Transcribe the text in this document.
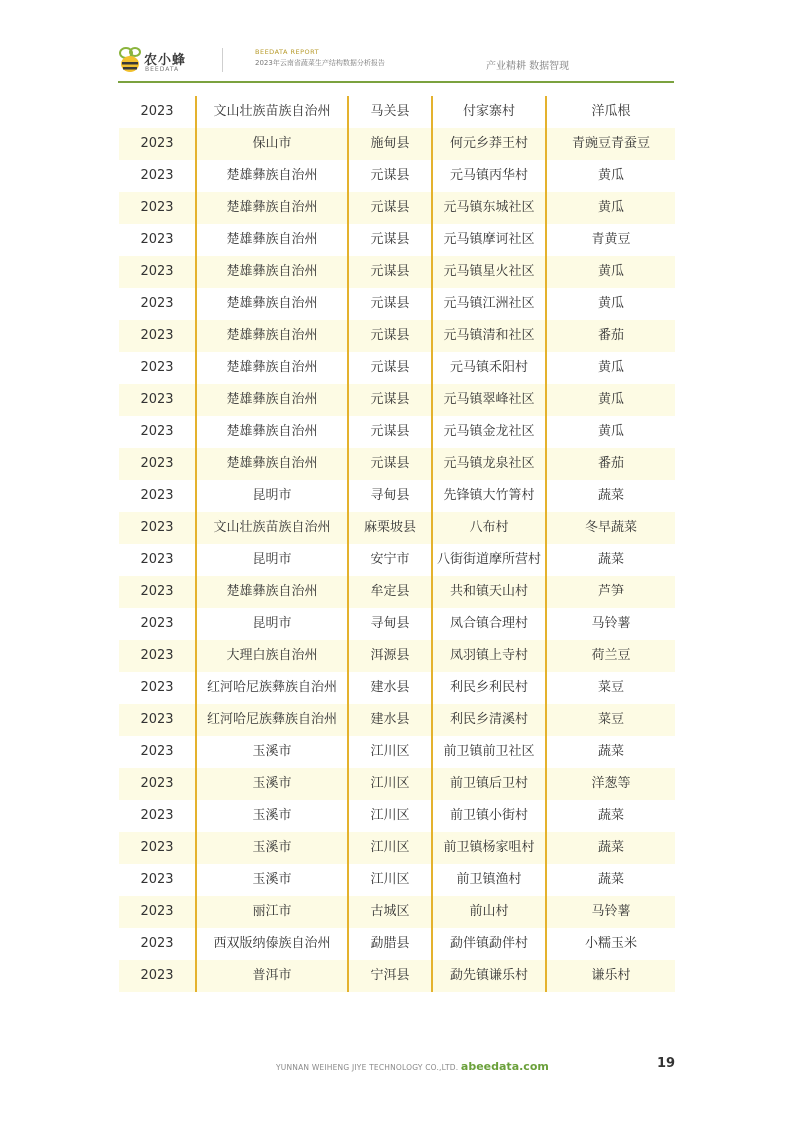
农小蜂
BEEDATA
BEEDATA REPORT
2023年云南省蔬菜生产结构数据分析报告	产业精耕 数据智现
2023	文山壮族苗族自治州	马关县	付家寨村	洋瓜根
2023	保山市	施甸县	何元乡莽王村	青豌豆青蚕豆
2023	楚雄彝族自治州	元谋县	元马镇丙华村	黄瓜
2023	楚雄彝族自治州	元谋县	元马镇东城社区	黄瓜
2023	楚雄彝族自治州	元谋县	元马镇摩诃社区	青黄豆
2023	楚雄彝族自治州	元谋县	元马镇星火社区	黄瓜
2023	楚雄彝族自治州	元谋县	元马镇江洲社区	黄瓜
2023	楚雄彝族自治州	元谋县	元马镇清和社区	番茄
2023	楚雄彝族自治州	元谋县	元马镇禾阳村	黄瓜
2023	楚雄彝族自治州	元谋县	元马镇翠峰社区	黄瓜
2023	楚雄彝族自治州	元谋县	元马镇金龙社区	黄瓜
2023	楚雄彝族自治州	元谋县	元马镇龙泉社区	番茄
2023	昆明市	寻甸县	先锋镇大竹箐村	蔬菜
2023	文山壮族苗族自治州	麻栗坡县	八布村	冬早蔬菜
2023	昆明市	安宁市	八街街道摩所营村	蔬菜
2023	楚雄彝族自治州	牟定县	共和镇天山村	芦笋
2023	昆明市	寻甸县	凤合镇合理村	马铃薯
2023	大理白族自治州	洱源县	凤羽镇上寺村	荷兰豆
2023	红河哈尼族彝族自治州	建水县	利民乡利民村	菜豆
2023	红河哈尼族彝族自治州	建水县	利民乡清溪村	菜豆
2023	玉溪市	江川区	前卫镇前卫社区	蔬菜
2023	玉溪市	江川区	前卫镇后卫村	洋葱等
2023	玉溪市	江川区	前卫镇小街村	蔬菜
2023	玉溪市	江川区	前卫镇杨家咀村	蔬菜
2023	玉溪市	江川区	前卫镇渔村	蔬菜
2023	丽江市	古城区	前山村	马铃薯
2023	西双版纳傣族自治州	勐腊县	勐伴镇勐伴村	小糯玉米
2023	普洱市	宁洱县	勐先镇谦乐村	谦乐村
YUNNAN WEIHENG JIYE TECHNOLOGY CO.,LTD. abeedata.com	19
